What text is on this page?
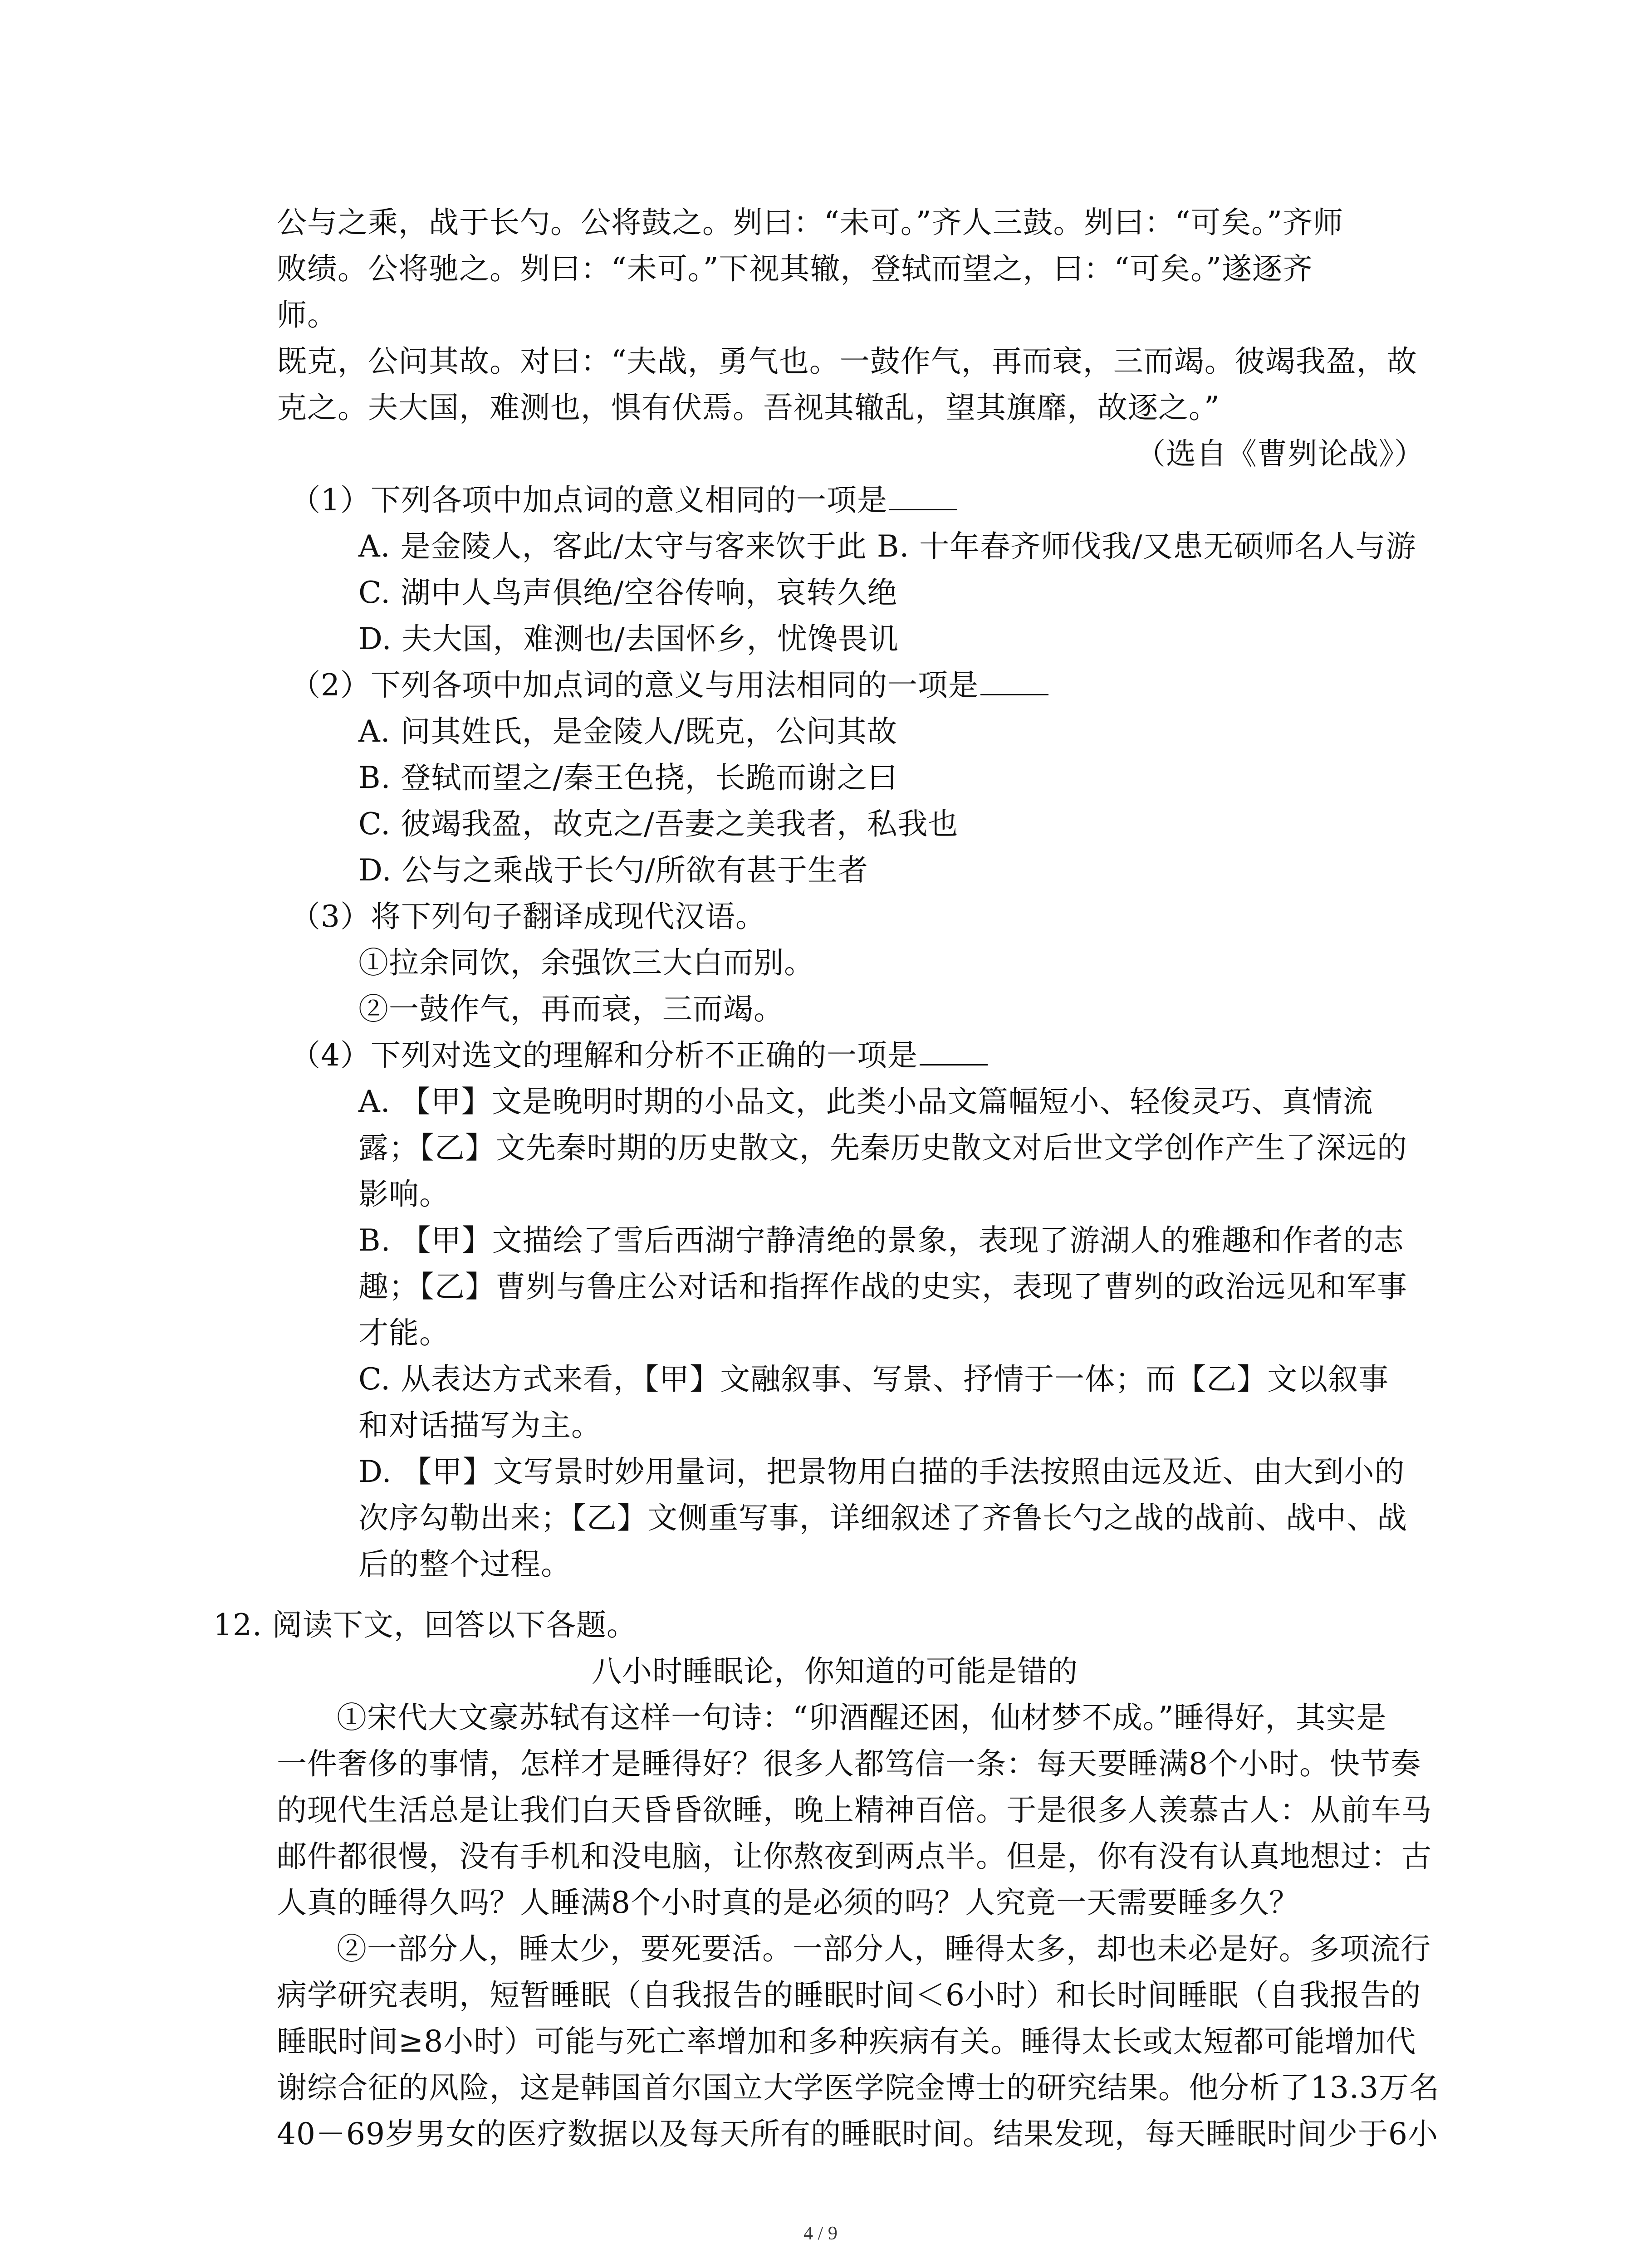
公与之乘，战于长勺。公将鼓之。刿曰：“未可。”齐人三鼓。刿曰：“可矣。”齐师
败绩。公将驰之。刿曰：“未可。”下视其辙，登轼而望之，曰：“可矣。”遂逐齐
师。
既克，公问其故。对曰：“夫战，勇气也。一鼓作气，再而衰，三而竭。彼竭我盈，故
克之。夫大国，难测也，惧有伏焉。吾视其辙乱，望其旗靡，故逐之。”
（选自《曹刿论战》）
（1）下列各项中加点词的意义相同的一项是
A. 是金陵人，客此/太守与客来饮于此 B. 十年春齐师伐我/又患无硕师名人与游
C. 湖中人鸟声俱绝/空谷传响，哀转久绝
D. 夫大国，难测也/去国怀乡，忧馋畏讥
（2）下列各项中加点词的意义与用法相同的一项是
A. 问其姓氏，是金陵人/既克，公问其故
B. 登轼而望之/秦王色挠，长跪而谢之曰
C. 彼竭我盈，故克之/吾妻之美我者，私我也
D. 公与之乘战于长勺/所欲有甚于生者
（3）将下列句子翻译成现代汉语。
①拉余同饮，余强饮三大白而别。
②一鼓作气，再而衰，三而竭。
（4）下列对选文的理解和分析不正确的一项是
A. 【甲】文是晚明时期的小品文，此类小品文篇幅短小、轻俊灵巧、真情流
露；【乙】文先秦时期的历史散文，先秦历史散文对后世文学创作产生了深远的
影响。
B. 【甲】文描绘了雪后西湖宁静清绝的景象，表现了游湖人的雅趣和作者的志
趣；【乙】曹刿与鲁庄公对话和指挥作战的史实，表现了曹刿的政治远见和军事
才能。
C. 从表达方式来看，【甲】文融叙事、写景、抒情于一体；而【乙】文以叙事
和对话描写为主。
D. 【甲】文写景时妙用量词，把景物用白描的手法按照由远及近、由大到小的
次序勾勒出来；【乙】文侧重写事，详细叙述了齐鲁长勺之战的战前、战中、战
后的整个过程。
12. 阅读下文，回答以下各题。
八小时睡眠论，你知道的可能是错的
①宋代大文豪苏轼有这样一句诗：“卯酒醒还困，仙材梦不成。”睡得好，其实是
一件奢侈的事情，怎样才是睡得好？很多人都笃信一条：每天要睡满8个小时。快节奏
的现代生活总是让我们白天昏昏欲睡，晚上精神百倍。于是很多人羡慕古人：从前车马
邮件都很慢，没有手机和没电脑，让你熬夜到两点半。但是，你有没有认真地想过：古
人真的睡得久吗？人睡满8个小时真的是必须的吗？人究竟一天需要睡多久？
②一部分人，睡太少，要死要活。一部分人，睡得太多，却也未必是好。多项流行
病学研究表明，短暂睡眠（自我报告的睡眠时间＜6小时）和长时间睡眠（自我报告的
睡眠时间≥8小时）可能与死亡率增加和多种疾病有关。睡得太长或太短都可能增加代
谢综合征的风险，这是韩国首尔国立大学医学院金博士的研究结果。他分析了13.3万名
40－69岁男女的医疗数据以及每天所有的睡眠时间。结果发现，每天睡眠时间少于6小
4 / 9
